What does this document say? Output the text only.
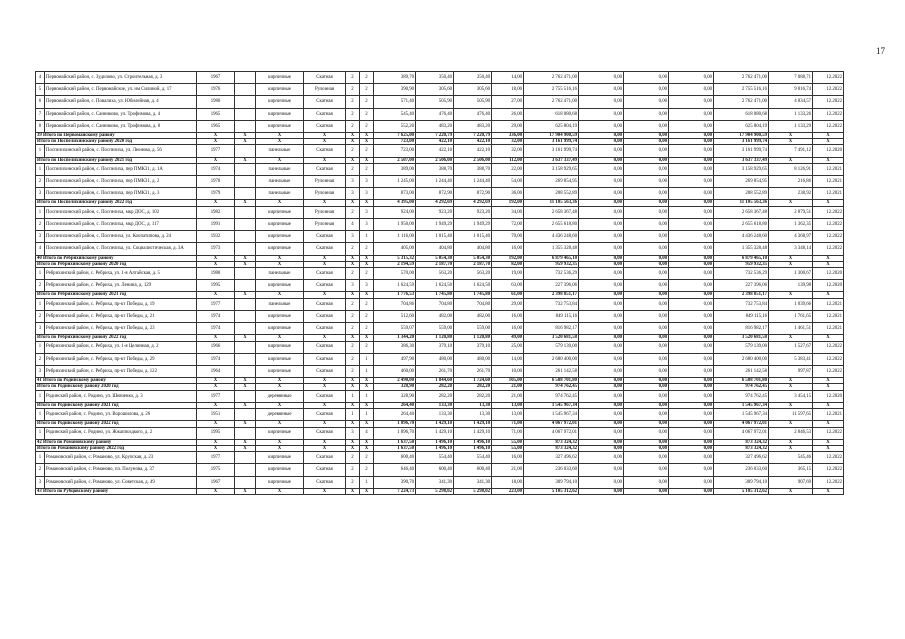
17
4	Первомайский район, с. Зудилово, ул. Строительная, д. 3	1967		кирпичные	Скатная	2	2	389,70	350,40	350,40	14,00	2 762 471,00	0,00	0,00	0,00	2 762 471,00	7 088,71	12.2022
5	Первомайский район, с. Первомайское, ул. им Силиной, д. 17	1976		кирпичные	Рулонная	2	2	390,90	305,60	305,60	18,00	2 755 516,16	0,00	0,00	0,00	2 755 516,16	9 016,74	12.2022
6	Первомайский район, с. Повалиха, ул. Юбилейная, д. 4	1980		кирпичные	Скатная	2	2	571,40	505,90	505,90	27,00	2 762 471,00	0,00	0,00	0,00	2 762 471,00	4 834,57	12.2022
7	Первомайский район, с. Санниково, ул. Трофимова, д. 4	1965		кирпичные	Скатная	2	2	545,40	476,40	476,40	26,00	618 080,68	0,00	0,00	0,00	618 080,68	1 133,26	12.2022
8	Первомайский район, с. Санниково, ул. Трофимова, д. 8	1965		кирпичные	Скатная	2	2	552,20	483,20	483,20	29,00	625 804,19	0,00	0,00	0,00	625 804,19	1 133,29	12.2022
39 Итого по Первомайскому району		X	X	X	X	X	X	7 625,00	7 220,79	7 220,79	336,00	17 904 900,59	0,00	0,00	0,00	17 904 900,59	X	X
Итого по Поспелихинскому району 2020 год		X	X	X	X	X	X	723,00	422,10	422,10	32,00	3 161 999,74	0,00	0,00	0,00	3 161 999,74	X	X
1	Поспелихинский район, с. Поспелиха, ул. Леонова, д. 56	1977		панельные	Скатная	2	2	723,00	422,10	422,10	32,00	3 161 999,74	0,00	0,00	0,00	3 161 999,74	7 491,12	12.2020
Итого по Поспелихинскому району 2021 год		X	X	X	X	X	X	2 507,00	2 506,00	2 506,00	112,00	3 637 337,49	0,00	0,00	0,00	3 637 337,49	X	X
1	Поспелихинский район, с. Поспелиха, пер ПМК31, д. 1А	1974		панельные	Скатная	2	2	389,00	388,70	388,70	22,00	3 158 929,65	0,00	0,00	0,00	3 158 929,65	8 126,91	12.2021
2	Поспелихинский район, с. Поспелиха, пер ПМК31, д. 2	1978		панельные	Рулонная	3	3	1 245,00	1 244,40	1 244,40	54,00	269 854,95	0,00	0,00	0,00	269 854,95	216,86	12.2021
3	Поспелихинский район, с. Поспелиха, пер ПМК31, д. 3	1979		панельные	Рулонная	3	3	873,00	872,90	872,90	36,00	208 552,89	0,00	0,00	0,00	208 552,89	238,92	12.2021
Итого по Поспелихинскому району 2022 год		X	X	X	X	X	X	4 395,00	4 292,69	4 292,69	192,00	11 105 563,36	0,00	0,00	0,00	11 105 563,36	X	X
1	Поспелихинский район, с. Поспелиха, мкр ДОС, д. 102	1982		кирпичные	Рулонная	2	3	924,00	923,20	923,20	34,00	2 658 367,48	0,00	0,00	0,00	2 658 367,48	2 879,51	12.2022
2	Поспелихинский район, с. Поспелиха, мкр ДОС, д. 117	1991		кирпичные	Рулонная	4	3	1 950,00	1 949,29	1 949,29	72,00	2 655 618,80	0,00	0,00	0,00	2 655 618,80	1 362,35	12.2022
3	Поспелихинский район, с. Поспелиха, ул. Коопатипова, д. 24	1932		кирпичные	Скатная	3	1	1 116,00	1 015,40	1 015,40	70,00	4 436 248,60	0,00	0,00	0,00	4 436 248,60	4 368,97	12.2022
4	Поспелихинский район, с. Поспелиха, ул. Социалистическая, д. 3А	1973		кирпичные	Скатная	2	2	405,00	404,80	404,80	16,00	1 355 328,48	0,00	0,00	0,00	1 355 328,48	3 348,14	12.2022
40 Итого по Ребрихинскому району		X	X	X	X	X	X	5 315,32	5 054,30	5 054,30	192,00	6 879 465,10	0,00	0,00	0,00	6 879 465,10	X	X
Итого по Ребрихинскому району 2020 год		X	X	X	X	X	X	2 194,59	2 187,70	2 187,70	82,00	959 932,35	0,00	0,00	0,00	959 932,35	X	X
1	Ребрихинский район, с. Ребриха, ул. 1-я Алтайская, д. 5	1980		панельные	Скатная	2	2	570,00	563,20	563,20	19,00	732 536,29	0,00	0,00	0,00	732 536,29	1 300,67	12.2020
2	Ребрихинский район, с. Ребриха, ул. Ленина, д. 129	1995		кирпичные	Скатная	3	3	1 624,59	1 624,50	1 624,50	63,00	227 396,06	0,00	0,00	0,00	227 396,06	139,98	12.2020
Итого по Ребрихинскому району 2021 год		X	X	X	X	X	X	1 776,53	1 745,80	1 745,80	61,00	2 398 851,17	0,00	0,00	0,00	2 398 851,17	X	X
1	Ребрихинский район, с. Ребриха, пр-кт Победы, д. 19	1977		панельные	Скатная	2	2	704,86	704,80	704,80	29,00	732 753,84	0,00	0,00	0,00	732 753,84	1 039,66	12.2021
2	Ребрихинский район, с. Ребриха, пр-кт Победы, д. 21	1974		кирпичные	Скатная	2	2	512,60	482,00	482,00	16,00	849 115,16	0,00	0,00	0,00	849 115,16	1 761,65	12.2021
3	Ребрихинский район, с. Ребриха, пр-кт Победы, д. 23	1974		кирпичные	Скатная	2	2	559,07	559,00	559,00	16,00	816 982,17	0,00	0,00	0,00	816 982,17	1 461,51	12.2021
Итого по Ребрихинскому району 2022 год		X	X	X	X	X	X	1 344,20	1 120,80	1 120,80	49,00	3 520 681,58	0,00	0,00	0,00	3 520 681,58	X	X
1	Ребрихинский район, с. Ребриха, ул. 1-я Целинная, д. 2	1966		кирпичные	Скатная	2	2	386,30	379,10	379,10	25,00	579 139,00	0,00	0,00	0,00	579 139,00	1 527,67	12.2022
2	Ребрихинский район, с. Ребриха, пр-кт Победы, д. 29	1974		кирпичные	Скатная	2	1	497,90	480,00	480,00	14,00	2 680 400,00	0,00	0,00	0,00	2 680 400,00	5 383,41	12.2022
3	Ребрихинский район, с. Ребриха, пр-кт Победы, д. 122	1964		кирпичные	Скатная	2	1	460,00	261,70	261,70	10,00	261 142,58	0,00	0,00	0,00	261 142,58	997,87	12.2022
41 Итого по Родинскому району		X	X	X	X	X	X	2 490,00	1 844,60	1 724,60	105,00	6 588 701,80	0,00	0,00	0,00	6 588 701,80	X	X
Итого по Родинскому району 2020 год		X	X	X	X	X	X	328,90	282,20	282,20	21,00	974 762,45	0,00	0,00	0,00	974 762,45	X	X
1	Родинский район, с. Родино, ул. Шевченко, д. 3	1977		деревянные	Скатная	1	1	328,90	282,20	282,20	21,00	974 762,45	0,00	0,00	0,00	974 762,45	3 454,15	12.2020
Итого по Родинскому району 2021 год		X	X	X	X	X	X	264,40	133,30	13,30	13,00	1 545 967,34	0,00	0,00	0,00	1 545 967,34	X	X
1	Родинский район, с. Родино, ул. Ворошилова, д. 26	1951		деревянные	Скатная	1	1	264,40	133,30	13,30	13,00	1 545 967,34	0,00	0,00	0,00	1 545 967,34	11 597,65	12.2021
Итого по Родинскому району 2022 год		X	X	X	X	X	X	1 896,70	1 429,10	1 429,10	71,00	4 067 972,01	0,00	0,00	0,00	4 067 972,01	X	X
1	Родинский район, с. Родино, ул. Жжаппоздкого, д. 2	1995		кирпичные	Скатная	3	4	1 896,70	1 429,10	1 429,10	71,00	4 067 972,01	0,00	0,00	0,00	4 067 972,01	2 846,53	12.2022
42 Итого по Романовскому району		X	X	X	X	X	X	1 637,50	1 496,10	1 496,10	55,00	873 324,32	0,00	0,00	0,00	873 324,32	X	X
Итого по Романовскому району 2022 год		X	X	X	X	X	X	1 637,50	1 496,10	1 496,10	55,00	873 324,32	0,00	0,00	0,00	873 324,32	X	X
1	Романовский район, с. Романово, ул. Крупская, д. 23	1977		кирпичные	Скатная	2	2	600,40	554,40	554,40	16,00	327 496,62	0,00	0,00	0,00	327 496,62	545,46	12.2022
2	Романовский район, с. Романово, пл. Полунова, д. 37	1975		кирпичные	Скатная	2	2	646,40	600,40	600,40	21,00	236 033,60	0,00	0,00	0,00	236 033,60	365,15	12.2022
3	Романовский район, с. Романово, ул. Советская, д. 49	1967		кирпичные	Скатная	2	1	390,70	341,30	341,30	18,00	309 794,10	0,00	0,00	0,00	309 794,10	907,69	12.2022
43 Итого по Рубцовскому району		X	X	X	X	X	X	7 224,73	5 298,02	5 298,02	223,00	5 105 312,62	0,00	0,00	0,00	5 105 312,62	X	X
